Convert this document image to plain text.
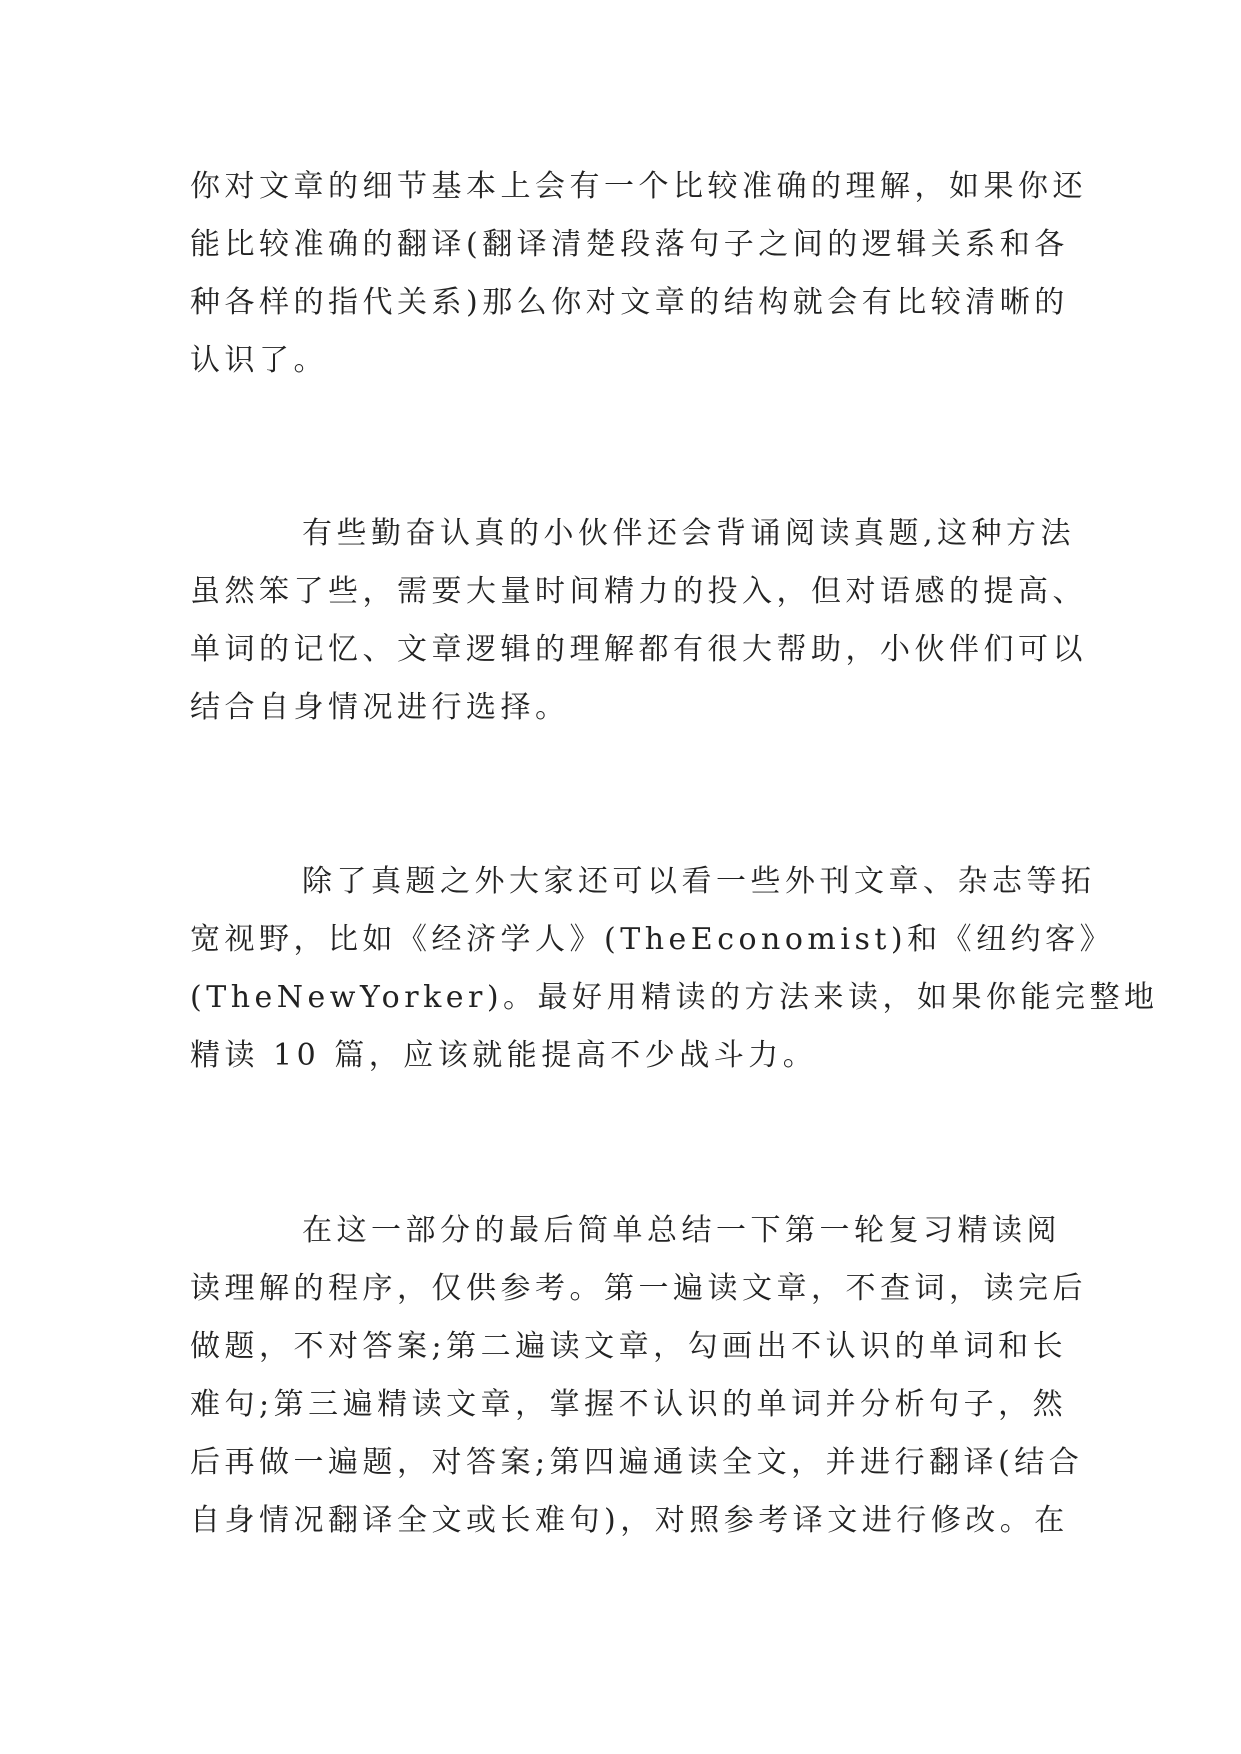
你对文章的细节基本上会有一个比较准确的理解，如果你还
能比较准确的翻译(翻译清楚段落句子之间的逻辑关系和各
种各样的指代关系)那么你对文章的结构就会有比较清晰的
认识了。
有些勤奋认真的小伙伴还会背诵阅读真题,这种方法
虽然笨了些，需要大量时间精力的投入，但对语感的提高、
单词的记忆、文章逻辑的理解都有很大帮助，小伙伴们可以
结合自身情况进行选择。
除了真题之外大家还可以看一些外刊文章、杂志等拓
宽视野，比如《经济学人》(TheEconomist)和《纽约客》
(TheNewYorker)。最好用精读的方法来读，如果你能完整地
精读 10 篇，应该就能提高不少战斗力。
在这一部分的最后简单总结一下第一轮复习精读阅
读理解的程序，仅供参考。第一遍读文章，不查词，读完后
做题，不对答案;第二遍读文章，勾画出不认识的单词和长
难句;第三遍精读文章，掌握不认识的单词并分析句子，然
后再做一遍题，对答案;第四遍通读全文，并进行翻译(结合
自身情况翻译全文或长难句)，对照参考译文进行修改。在
